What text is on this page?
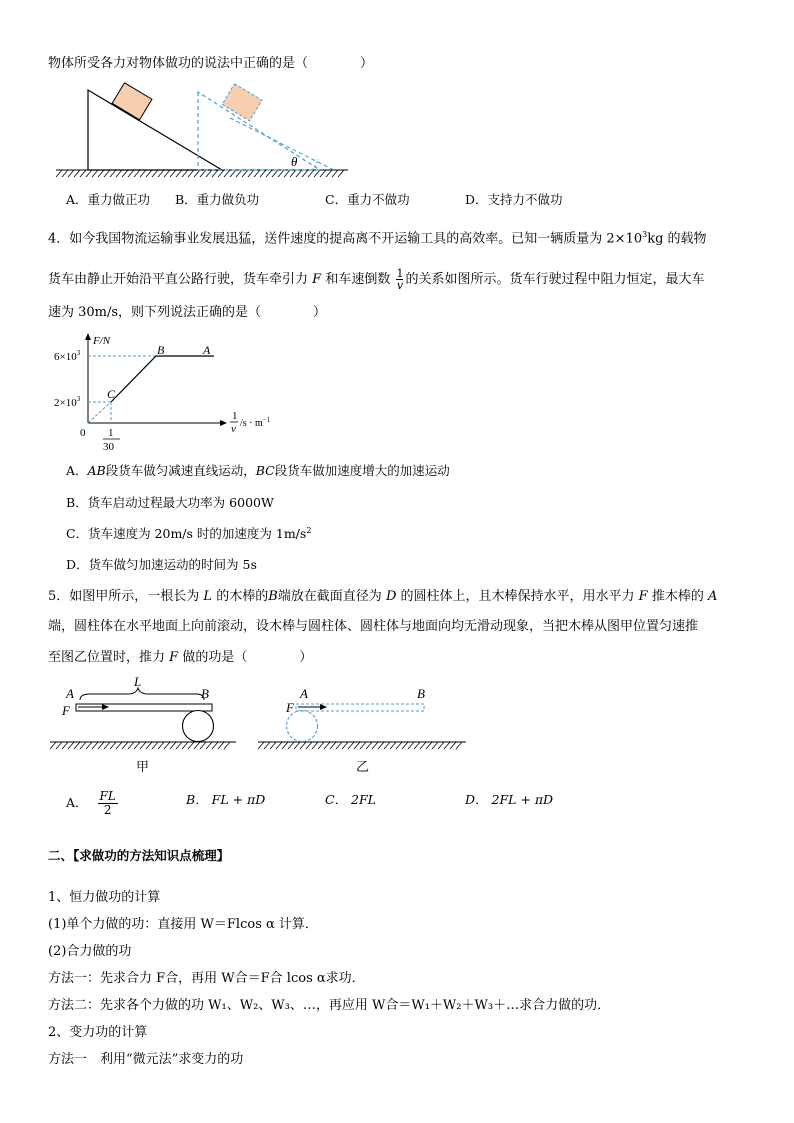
物体所受各力对物体做功的说法中正确的是（　　　　）
θ
A．重力做正功 B．重力做负功	C．重力不做功	D．支持力不做功
4．如今我国物流运输事业发展迅猛，送件速度的提高离不开运输工具的高效率。已知一辆质量为 $2\times 10^3kg$ 的载物
货车由静止开始沿平直公路行驶，货车牵引力 F 和车速倒数 $\frac{1}{v}$ 的关系如图所示。货车行驶过程中阻力恒定，最大车
速为 30m/s，则下列说法正确的是（　　　　）
F/N
$6\times 10^3$
$2\times 10^3$
0 1
30
1
v $/s \cdot m^{-1}$
A
B
C
A．AB段货车做匀减速直线运动，BC段货车做加速度增大的加速运动
B．货车启动过程最大功率为 6000W
C．货车速度为 20m/s 时的加速度为 $1m/s^2$
D．货车做匀加速运动的时间为 5s
5．如图甲所示，一根长为 L 的木棒的B端放在截面直径为 D 的圆柱体上，且木棒保持水平，用水平力 F 推木棒的 A
端，圆柱体在水平地面上向前滚动，设木棒与圆柱体、圆柱体与地面向均无滑动现象，当把木棒从图甲位置匀速推
至图乙位置时，推力 F 做的功是（　　　　）
A	B
F
L
甲
A	B
F
乙
A． $\frac{FL}{2}$	B． FL + πD	C． 2FL	D． 2FL + πD
二、【求做功的方法知识点梳理】
1、恒力做功的计算
(1)单个力做的功：直接用 W＝Flcos α 计算．
(2)合力做的功
方法一：先求合力 F合，再用 W合＝F合 lcos α求功．
方法二：先求各个力做的功 W₁、W₂、W₃、…，再应用 W合＝W₁＋W₂＋W₃＋…求合力做的功．
2、变力功的计算
方法一　利用“微元法”求变力的功
